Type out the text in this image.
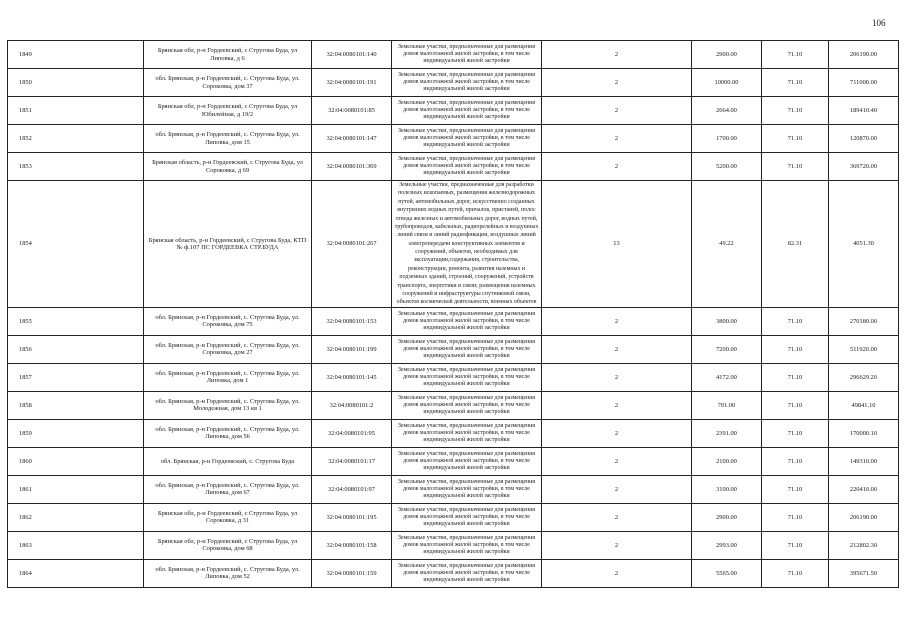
106
1849	Брянская обл, р-н Гордеевский, с Струговa Буда, ул Липовка, д 6	32:04:0080101:140	Земельные участки, предназначенные для размещения домов малоэтажной жилой застройки, в том числе индивидуальной жилой застройки	2	2900.00	71.10	206190.00
1850	обл. Брянская, р-н Гордеевский, с. Струговa Буда, ул. Сороковка, дом 37	32:04:0080101:191	Земельные участки, предназначенные для размещения домов малоэтажной жилой застройки, в том числе индивидуальной жилой застройки	2	10000.00	71.10	711000.00
1851	Брянская обл, р-н Гордеевский, с Струговa Буда, ул Юбилейная, д 19/2	32:04:0080101:85	Земельные участки, предназначенные для размещения домов малоэтажной жилой застройки, в том числе индивидуальной жилой застройки	2	2664.00	71.10	189410.40
1852	обл. Брянская, р-н Гордеевский, с. Струговa Буда, ул. Липовка, дом 15	32:04:0080101:147	Земельные участки, предназначенные для размещения домов малоэтажной жилой застройки, в том числе индивидуальной жилой застройки	2	1700.00	71.10	120870.00
1853	Брянская область, р-н Гордеевский, с Струговa Буда, ул Сороковка, д 69	32:04:0080101:369	Земельные участки, предназначенные для размещения домов малоэтажной жилой застройки, в том числе индивидуальной жилой застройки	2	5200.00	71.10	369720.00
1854	Брянская область, р-н Гордеевский, с Струговa Буда, КТП № ф.107 ПС ГОРДЕЕВКА СТР.БУДА	32:04:0080101:267	Земельные участки, предназначенные для разработки полезных ископаемых, размещения железнодорожных путей, автомобильных дорог, искусственно созданных внутренних водных путей, причалов, пристаней, полос отвода железных и автомобильных дорог, водных путей, трубопроводов, кабельных, радиорелейных и воздушных линий связи и линий радиофикации, воздушных линий электропередачи конструктивных элементов и сооружений, объектов, необходимых для эксплуатации,содержания, строительства, реконструкции, ремонта, развития наземных и подземных зданий, строений, сооружений, устройств транспорта, энергетики и связи; размещения наземных сооружений и инфраструктуры спутниковой связи, объектов космической деятельности, военных объектов	13	49.22	82.31	4051.30
1855	обл. Брянская, р-н Гордеевский, с. Струговa Буда, ул. Сороковка, дом 75	32:04:0080101:153	Земельные участки, предназначенные для размещения домов малоэтажной жилой застройки, в том числе индивидуальной жилой застройки	2	3800.00	71.10	270180.00
1856	обл. Брянская, р-н Гордеевский, с. Струговa Буда, ул. Сороковка, дом 27	32:04:0080101:199	Земельные участки, предназначенные для размещения домов малоэтажной жилой застройки, в том числе индивидуальной жилой застройки	2	7200.00	71.10	511920.00
1857	обл. Брянская, р-н Гордеевский, с. Струговa Буда, ул. Липовка, дом 1	32:04:0080101:145	Земельные участки, предназначенные для размещения домов малоэтажной жилой застройки, в том числе индивидуальной жилой застройки	2	4172.00	71.10	296629.20
1858	обл. Брянская, р-н Гордеевский, с. Струговa Буда, ул. Молодежная, дом 13 кв 1	32:04:0080101:2	Земельные участки, предназначенные для размещения домов малоэтажной жилой застройки, в том числе индивидуальной жилой застройки	2	701.00	71.10	49841.10
1859	обл. Брянская, р-н Гордеевский, с. Струговa Буда, ул. Липовка, дом 56	32:04:0080101:95	Земельные участки, предназначенные для размещения домов малоэтажной жилой застройки, в том числе индивидуальной жилой застройки	2	2391.00	71.10	170000.10
1860	обл. Брянская, р-н Гордеевский, с. Струговa Буда	32:04:0080101:17	Земельные участки, предназначенные для размещения домов малоэтажной жилой застройки, в том числе индивидуальной жилой застройки	2	2100.00	71.10	149310.00
1861	обл. Брянская, р-н Гордеевский, с. Струговa Буда, ул. Липовка, дом 67	32:04:0080101:97	Земельные участки, предназначенные для размещения домов малоэтажной жилой застройки, в том числе индивидуальной жилой застройки	2	3100.00	71.10	220410.00
1862	Брянская обл, р-н Гордеевский, с Струговa Буда, ул Сороковка, д 31	32:04:0080101:195	Земельные участки, предназначенные для размещения домов малоэтажной жилой застройки, в том числе индивидуальной жилой застройки	2	2900.00	71.10	206190.00
1863	Брянская обл, р-н Гордеевский, с Струговa Буда, ул Сороковка, дом 68	32:04:0080101:158	Земельные участки, предназначенные для размещения домов малоэтажной жилой застройки, в том числе индивидуальной жилой застройки	2	2993.00	71.10	212802.30
1864	обл. Брянская, р-н Гордеевский, с. Струговa Буда, ул. Липовка, дом 52	32:04:0080101:159	Земельные участки, предназначенные для размещения домов малоэтажной жилой застройки, в том числе индивидуальной жилой застройки	2	5565.00	71.10	395671.50
